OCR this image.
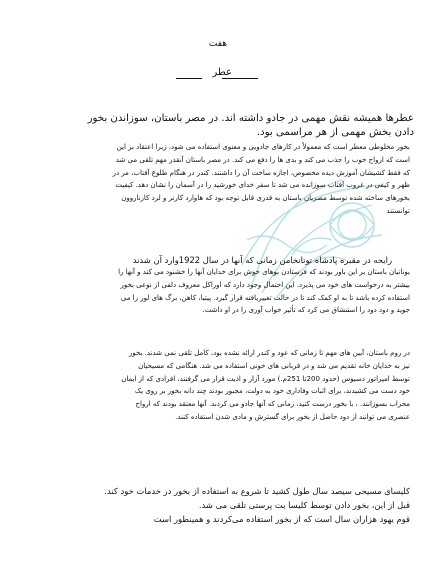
هفت
عطر
عطرها همیشه نقش مهمی در جادو داشته اند. در مصر باستان، سوزاندن بخور
دادن بخش مهمی از هر مراسمی بود.
بخور مخلوطی معطر است که معمولاً در کارهای جادویی و معنوی استفاده می شود، زیرا اعتقاد بر این
است که ارواح خوب را جذب می کند و بدی ها را دفع می کند. در مصر باستان آنقدر مهم تلقی می شد
که فقط کشیشان آموزش دیده مخصوص، اجازه ساخت آن را داشتند. کندر در هنگام طلوع آفتاب، مر در
ظهر و کیفی در غروب آفتاب سوزانده می شد تا سفر خدای خورشید را در آسمان را نشان دهد. کیفیت
بخورهای ساخته شده توسط مصریان باستان به قدری قابل توجه بود که هاوارد کارتر و لرد کارناروون
توانستند
رایحه در مقبره پادشاه توتانخامن زمانی که آنها در سال 1922وارد آن شدند
یونانیان باستان بر این باور بودند که فرستادن بوهای خوش برای خدایان آنها را خشنود می کند و آنها را
بیشتر به درخواست های خود می پذیرد. این احتمال وجود دارد که اوراکل معروف دلفی از نوعی بخور
استفاده کرده باشد تا به او کمک کند تا در حالت تغییریافته قرار گیرد. پیتیا، کاهن، برگ های لور را می
جوید و دود دود را استنشاق می کرد که تأثیر خواب آوری را در او داشت.
در روم باستان، آیین های مهم تا زمانی که عود و کندر ارائه نشده بود، کامل تلقی نمی شدند. بخور
نیز به خدایان خانه تقدیم می شد و در قربانی های خونی استفاده می شد. هنگامی که مسیحیان
توسط امپراتور دسیوس (حدود 200تا 251م.) مورد آزار و اذیت قرار می گرفتند، افرادی که از ایمان
خود دست می کشیدند، برای اثبات وفاداری خود به دولت، مجبور بودند چند دانه بخور بر روی یک
محراب بسوزانند. ، با بخور درست کنید، زمانی که آنها جادو می کردند. آنها معتقد بودند که ارواح
عنصری می توانند از دود حاصل از بخور برای گسترش و مادی شدن استفاده کنند.
کلیسای مسیحی سیصد سال طول کشید تا شروع به استفاده از بخور در خدمات خود کند.
قبل از این، بخور دادن توسط کلیسا بت پرستی تلقی می شد.
قوم یهود هزاران سال است که از بخور استفاده می‌کردند و همینطور است
